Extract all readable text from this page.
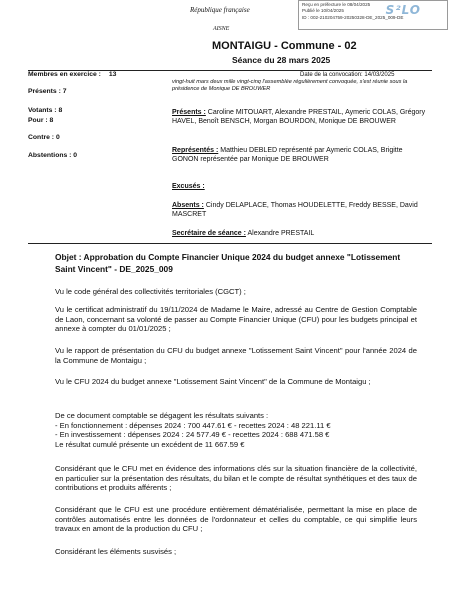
République française
AISNE
Reçu en préfecture le 08/04/2025
Publié le 10/04/2025
ID : 002-210204759-20250328-DE_2025_009-DE
S²LO
MONTAIGU - Commune - 02
Séance du 28 mars 2025
Membres en exercice : 13
Présents : 7
Votants : 8
Pour : 8
Contre : 0
Abstentions : 0
Date de la convocation: 14/03/2025
vingt-huit mars deux mille vingt-cinq l'assemblée régulièrement convoquée, s'est réunie sous la présidence de Monique DE BROUWER
Présents : Caroline MITOUART, Alexandre PRESTAIL, Aymeric COLAS, Grégory HAVEL, Benoît BENSCH, Morgan BOURDON, Monique DE BROUWER
Représentés : Matthieu DEBLED représenté par Aymeric COLAS, Brigitte GONON représentée par Monique DE BROUWER
Excusés :
Absents : Cindy DELAPLACE, Thomas HOUDELETTE, Freddy BESSE, David MASCRET
Secrétaire de séance : Alexandre PRESTAIL
Objet : Approbation du Compte Financier Unique 2024 du budget annexe "Lotissement Saint Vincent" - DE_2025_009
Vu le code général des collectivités territoriales (CGCT) ;
Vu le certificat administratif du 19/11/2024 de Madame le Maire, adressé au Centre de Gestion Comptable de Laon, concernant sa volonté de passer au Compte Financier Unique (CFU) pour les budgets principal et annexe à compter du 01/01/2025 ;
Vu le rapport de présentation du CFU du budget annexe "Lotissement Saint Vincent" pour l'année 2024 de la Commune de Montaigu ;
Vu le CFU 2024 du budget annexe "Lotissement Saint Vincent" de la Commune de Montaigu ;
De ce document comptable se dégagent les résultats suivants :
- En fonctionnement : dépenses 2024 : 700 447.61 € - recettes 2024 : 48 221.11 €
- En investissement : dépenses 2024 : 24 577.49 € - recettes 2024 : 688 471.58 €
Le résultat cumulé présente un excédent de 11 667.59 €
Considérant que le CFU met en évidence des informations clés sur la situation financière de la collectivité, en particulier sur la présentation des résultats, du bilan et le compte de résultat synthétiques et des taux de contributions et produits afférents ;
Considérant que le CFU est une procédure entièrement dématérialisée, permettant la mise en place de contrôles automatisés entre les données de l'ordonnateur et celles du comptable, ce qui simplifie leurs travaux en amont de la production du CFU ;
Considérant les éléments susvisés ;
